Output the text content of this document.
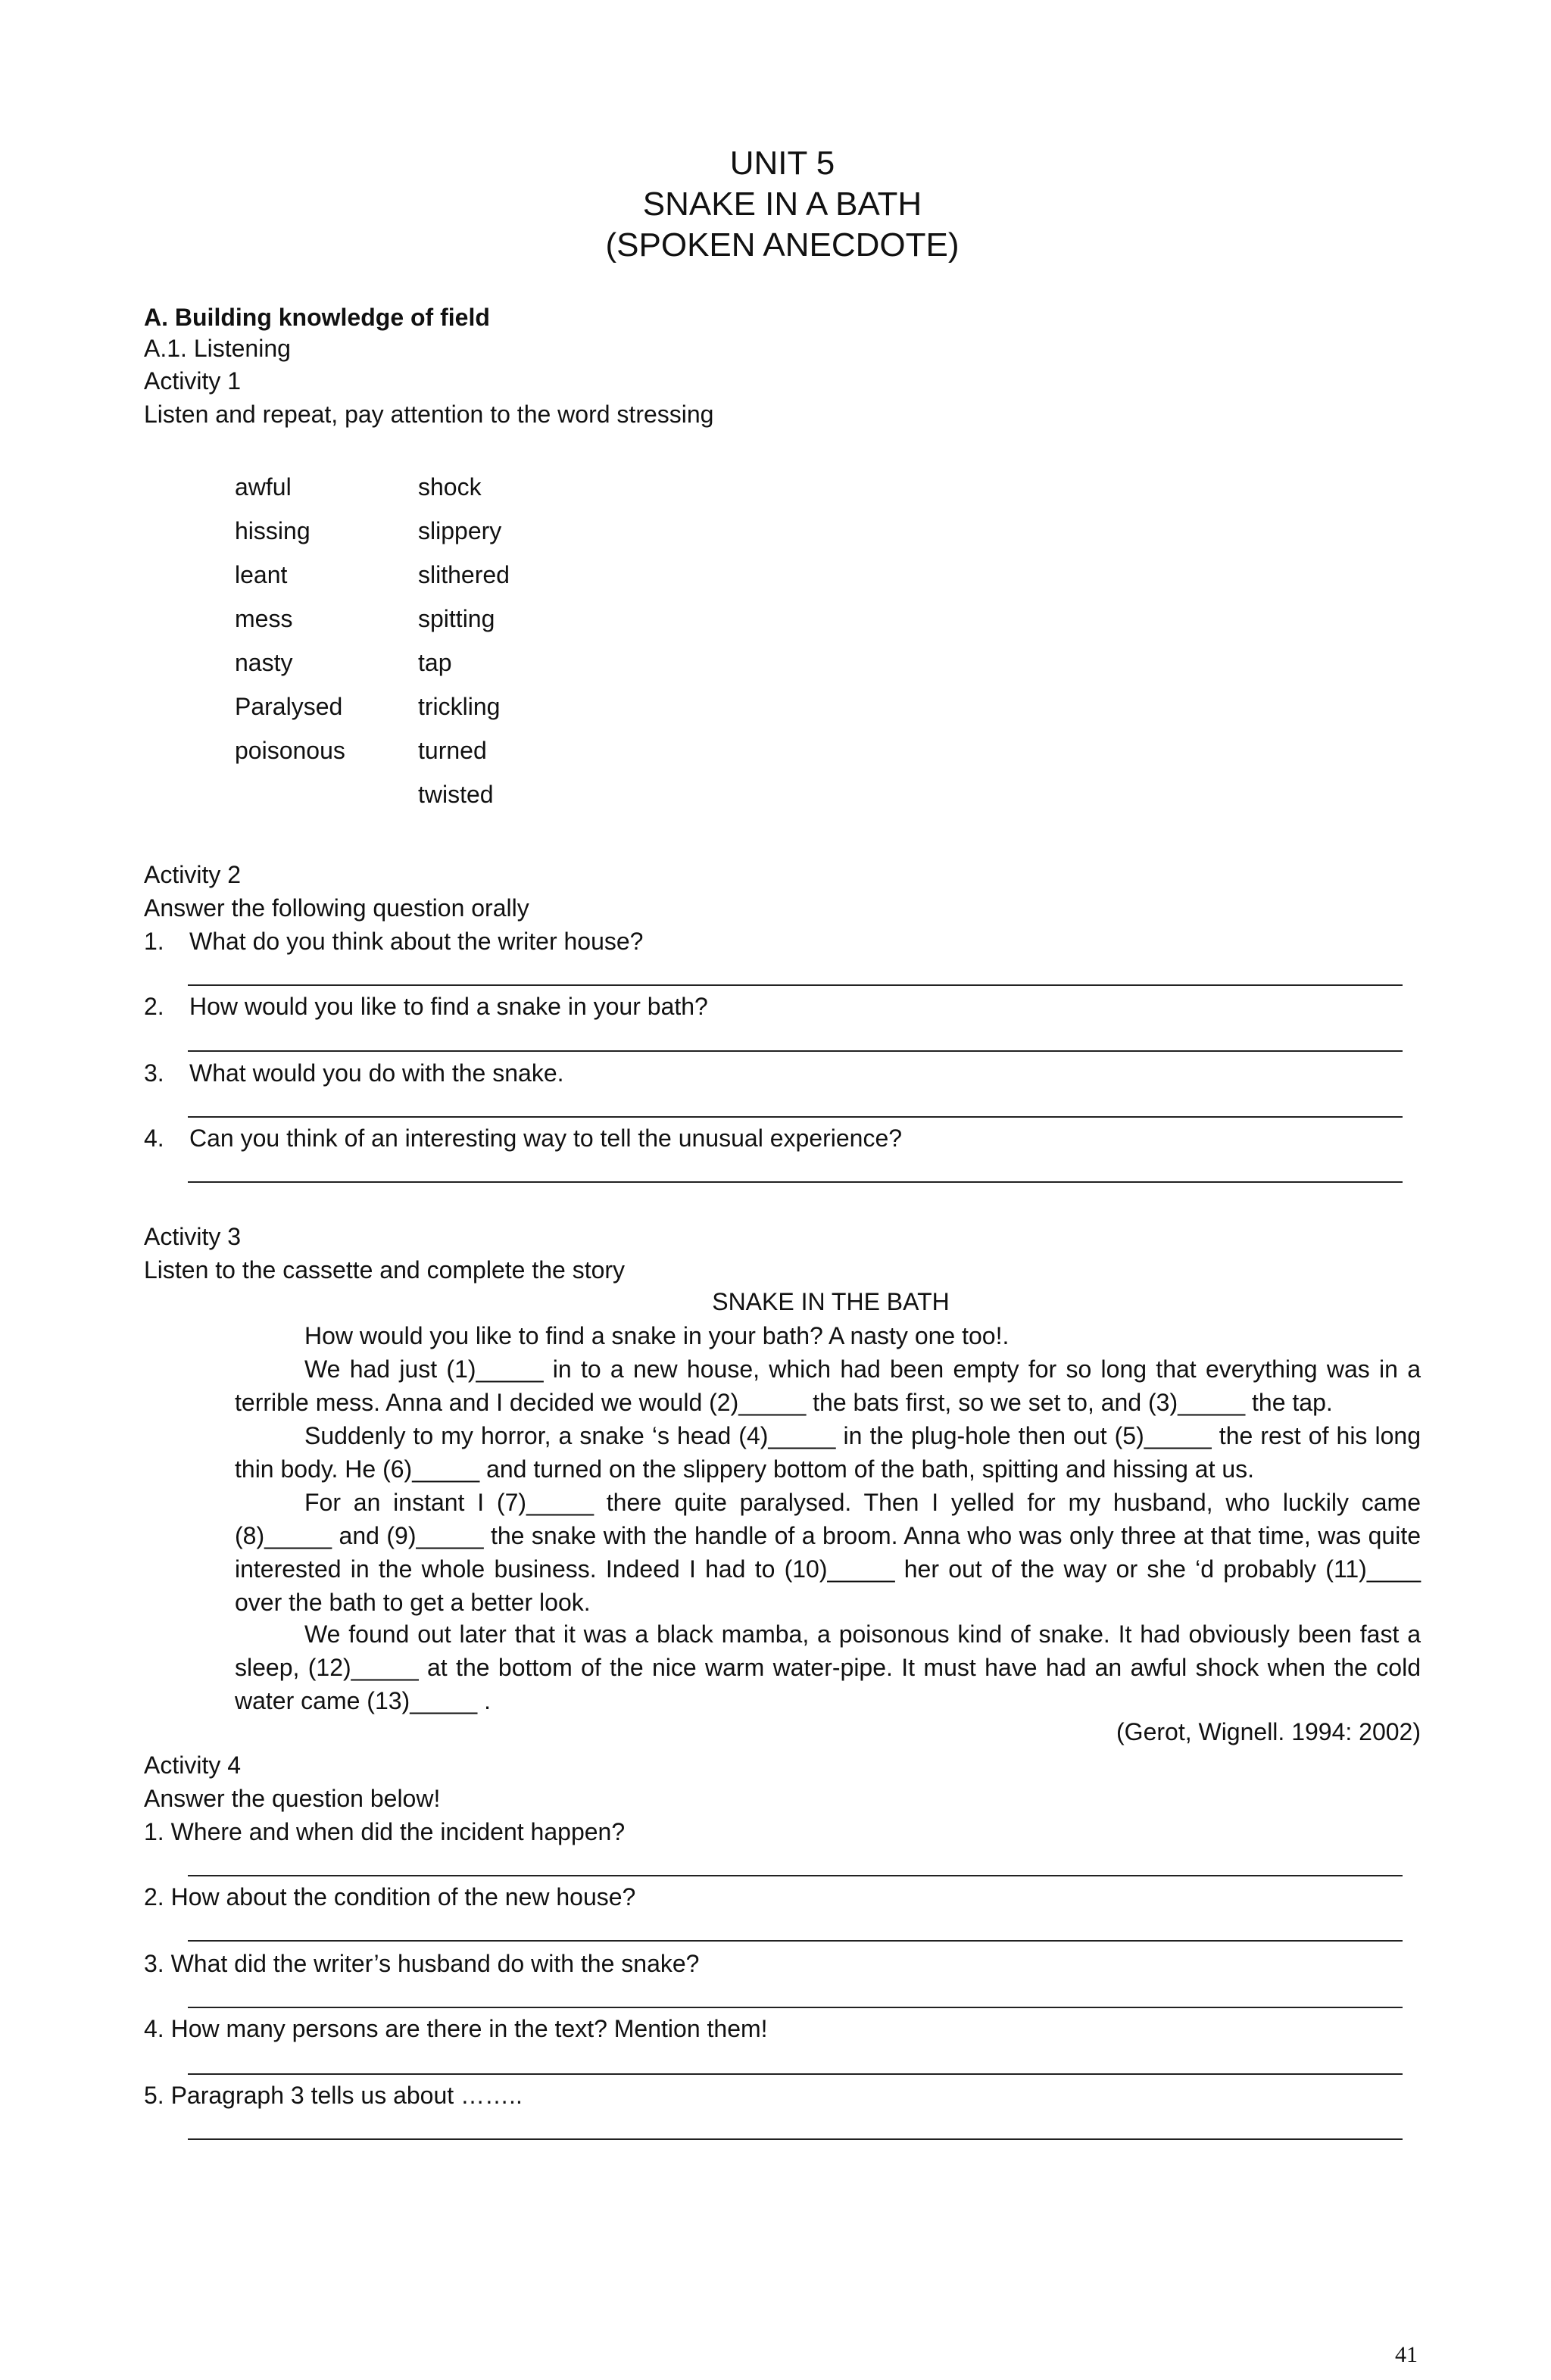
UNIT 5
SNAKE IN A BATH
(SPOKEN ANECDOTE)
A. Building knowledge of field
A.1. Listening
Activity 1
Listen and repeat, pay attention to the word stressing
awful
hissing
leant
mess
nasty
Paralysed
poisonous
shock
slippery
slithered
spitting
tap
trickling
turned
twisted
Activity 2
Answer the following question orally
1. What do you think about the writer house?
2. How would you like to find a snake in your bath?
3. What would you do with the snake.
4. Can you think of an interesting way to tell the unusual experience?
Activity 3
Listen to the cassette and complete the story
SNAKE IN THE BATH
How would you like to find a snake in your bath? A nasty one too!.
We had just (1)_____ in to a new house, which had been empty for so long that everything was in a terrible mess. Anna and I decided we would (2)_____ the bats first, so we set to, and (3)_____ the tap.
Suddenly to my horror, a snake ‘s head (4)_____ in the plug-hole then out (5)_____ the rest of his long thin body. He (6)_____ and turned on the slippery bottom of the bath, spitting and hissing at us.
For an instant I (7)_____ there quite paralysed. Then I yelled for my husband, who luckily came (8)_____ and (9)_____ the snake with the handle of a broom. Anna who was only three at that time, was quite interested in the whole business. Indeed I had to (10)_____ her out of the way or she ‘d probably (11)____ over the bath to get a better look.
We found out later that it was a black mamba, a poisonous kind of snake. It had obviously been fast a sleep, (12)_____ at the bottom of the nice warm water-pipe. It must have had an awful shock when the cold water came (13)_____ .
(Gerot, Wignell. 1994: 2002)
Activity 4
Answer the question below!
1. Where and when did the incident happen?
2. How about the condition of the new house?
3. What did the writer’s husband do with the snake?
4. How many persons are there in the text? Mention them!
5. Paragraph 3 tells us about ……..
41
